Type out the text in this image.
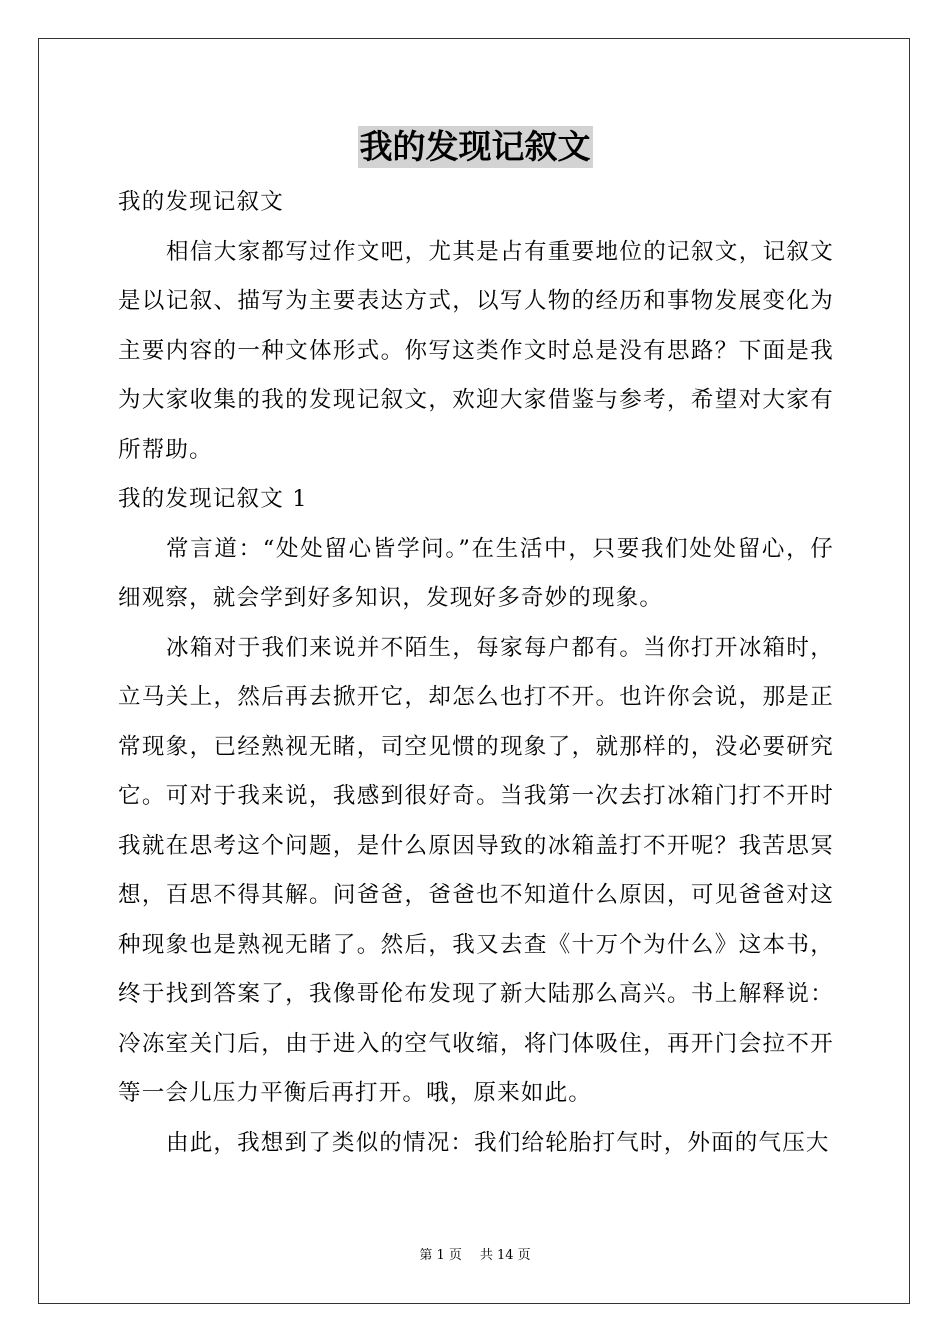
我的发现记叙文

我的发现记叙文

相信大家都写过作文吧，尤其是占有重要地位的记叙文，记叙文是以记叙、描写为主要表达方式，以写人物的经历和事物发展变化为主要内容的一种文体形式。你写这类作文时总是没有思路？下面是我为大家收集的我的发现记叙文，欢迎大家借鉴与参考，希望对大家有所帮助。

我的发现记叙文 1

常言道：“处处留心皆学问。”在生活中，只要我们处处留心，仔细观察，就会学到好多知识，发现好多奇妙的现象。

冰箱对于我们来说并不陌生，每家每户都有。当你打开冰箱时，立马关上，然后再去掀开它，却怎么也打不开。也许你会说，那是正常现象，已经熟视无睹，司空见惯的现象了，就那样的，没必要研究它。可对于我来说，我感到很好奇。当我第一次去打冰箱门打不开时我就在思考这个问题，是什么原因导致的冰箱盖打不开呢？我苦思冥想，百思不得其解。问爸爸，爸爸也不知道什么原因，可见爸爸对这种现象也是熟视无睹了。然后，我又去查《十万个为什么》这本书，终于找到答案了，我像哥伦布发现了新大陆那么高兴。书上解释说：冷冻室关门后，由于进入的空气收缩，将门体吸住，再开门会拉不开等一会儿压力平衡后再打开。哦，原来如此。

由此，我想到了类似的情况：我们给轮胎打气时，外面的气压大

第 1 页 共 14 页
